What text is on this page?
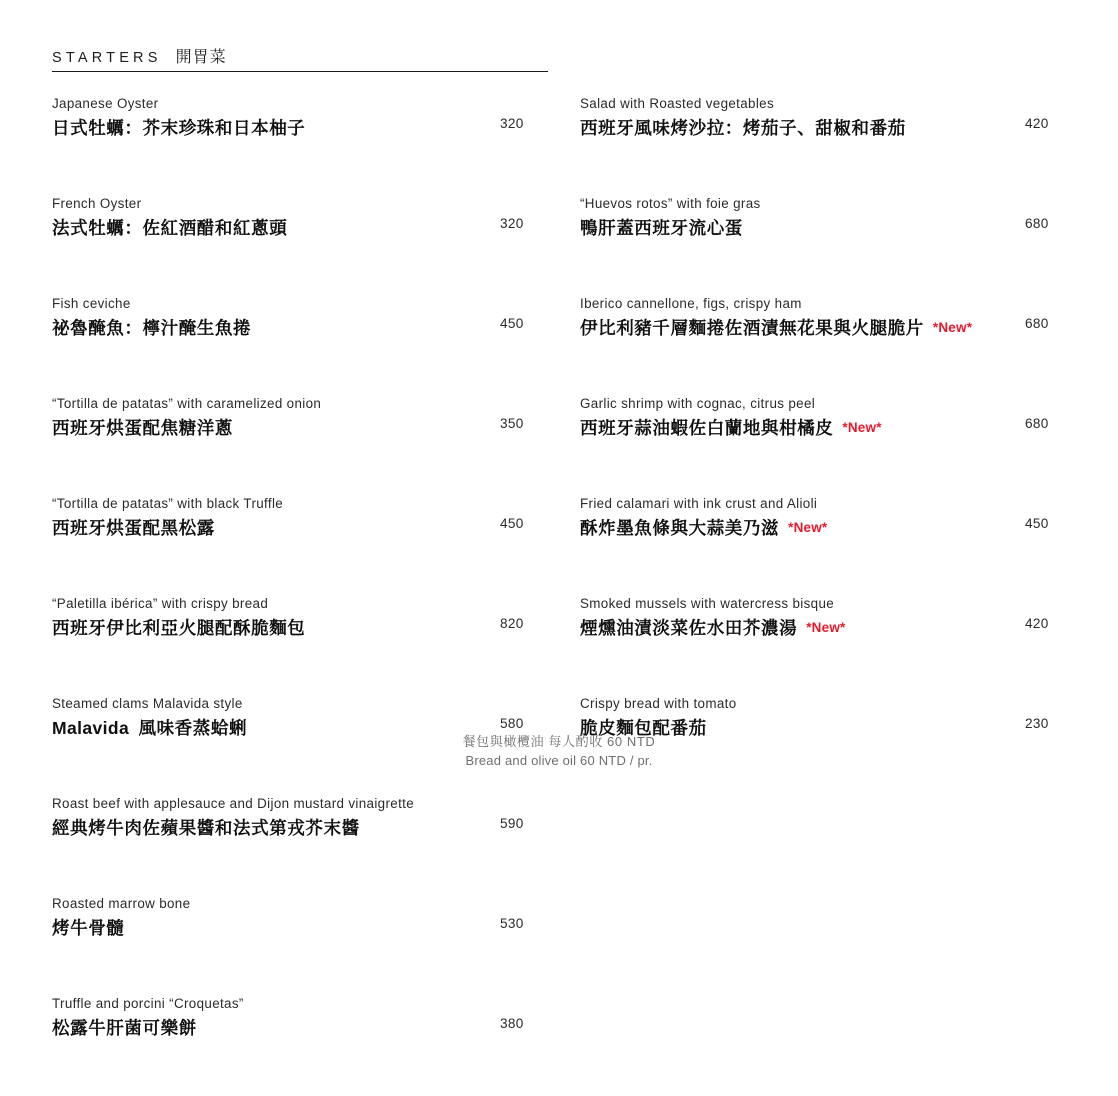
STARTERS 開胃菜
Japanese Oyster
日式牡蠣：芥末珍珠和日本柚子	320
French Oyster
法式牡蠣：佐紅酒醋和紅蔥頭	320
Fish ceviche
祕魯醃魚：檸汁醃生魚捲	450
“Tortilla de patatas” with caramelized onion
西班牙烘蛋配焦糖洋蔥	350
“Tortilla de patatas” with black Truffle
西班牙烘蛋配黑松露	450
“Paletilla ibérica” with crispy bread
西班牙伊比利亞火腿配酥脆麵包	820
Steamed clams Malavida style
Malavida  風味香蒸蛤蜊	580
Roast beef with applesauce and Dijon mustard vinaigrette
經典烤牛肉佐蘋果醬和法式第戎芥末醬	590
Roasted marrow bone
烤牛骨髓	530
Truffle and porcini “Croquetas”
松露牛肝菌可樂餅	380
Salad with Roasted vegetables
西班牙風味烤沙拉：烤茄子、甜椒和番茄	420
“Huevos rotos” with foie gras
鴨肝蓋西班牙流心蛋	680
Iberico cannellone, figs, crispy ham
伊比利豬千層麵捲佐酒漬無花果與火腿脆片 *New*	680
Garlic shrimp with cognac, citrus peel
西班牙蒜油蝦佐白蘭地與柑橘皮 *New*	680
Fried calamari with ink crust and Alioli
酥炸墨魚條與大蒜美乃滋 *New*	450
Smoked mussels with watercress bisque
煙燻油漬淡菜佐水田芥濃湯 *New*	420
Crispy bread with tomato
脆皮麵包配番茄	230
餐包與橄欖油 每人酌收 60 NTD
Bread and olive oil 60 NTD / pr.
